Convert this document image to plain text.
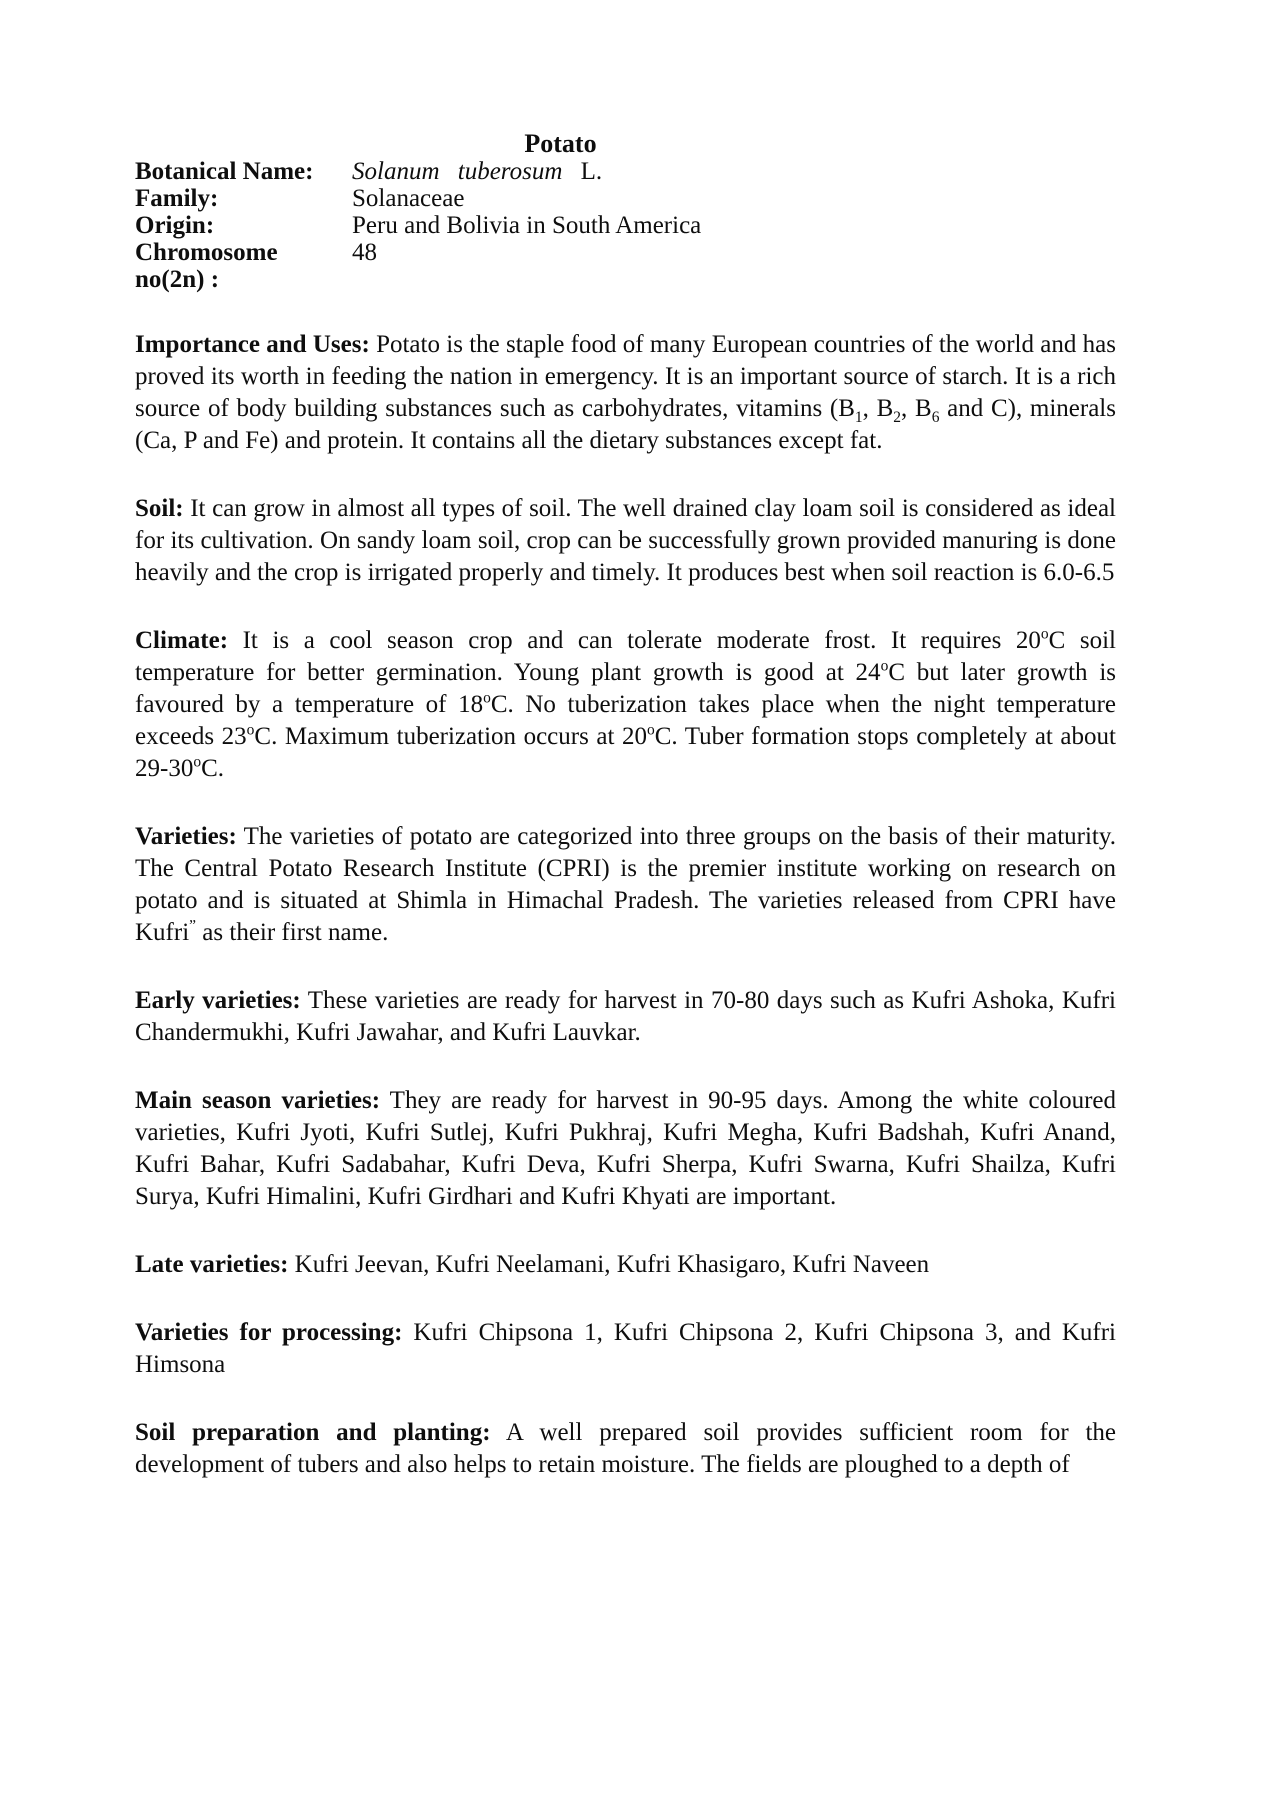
Potato
Botanical Name:	Solanum tuberosum L.
Family:	Solanaceae
Origin:	Peru and Bolivia in South America
Chromosome no(2n) :
48

Importance and Uses: Potato is the staple food of many European countries of the world and has proved its worth in feeding the nation in emergency. It is an important source of starch. It is a rich source of body building substances such as carbohydrates, vitamins ($B_1$, $B_2$, $B_6$ and C), minerals (Ca, P and Fe) and protein. It contains all the dietary substances except fat.

Soil: It can grow in almost all types of soil. The well drained clay loam soil is considered as ideal for its cultivation. On sandy loam soil, crop can be successfully grown provided manuring is done heavily and the crop is irrigated properly and timely. It produces best when soil reaction is 6.0-6.5

Climate: It is a cool season crop and can tolerate moderate frost. It requires 20$^o$C soil temperature for better germination. Young plant growth is good at 24$^o$C but later growth is favoured by a temperature of 18$^o$C. No tuberization takes place when the night temperature exceeds 23$^o$C. Maximum tuberization occurs at 20$^o$C. Tuber formation stops completely at about 29-30$^o$C.

Varieties: The varieties of potato are categorized into three groups on the basis of their maturity. The Central Potato Research Institute (CPRI) is the premier institute working on research on potato and is situated at Shimla in Himachal Pradesh. The varieties released from CPRI have Kufri” as their first name.

Early varieties: These varieties are ready for harvest in 70-80 days such as Kufri Ashoka, Kufri Chandermukhi, Kufri Jawahar, and Kufri Lauvkar.

Main season varieties: They are ready for harvest in 90-95 days. Among the white coloured varieties, Kufri Jyoti, Kufri Sutlej, Kufri Pukhraj, Kufri Megha, Kufri Badshah, Kufri Anand, Kufri Bahar, Kufri Sadabahar, Kufri Deva, Kufri Sherpa, Kufri Swarna, Kufri Shailza, Kufri Surya, Kufri Himalini, Kufri Girdhari and Kufri Khyati are important.

Late varieties: Kufri Jeevan, Kufri Neelamani, Kufri Khasigaro, Kufri Naveen

Varieties for processing: Kufri Chipsona 1, Kufri Chipsona 2, Kufri Chipsona 3, and Kufri Himsona

Soil preparation and planting: A well prepared soil provides sufficient room for the development of tubers and also helps to retain moisture. The fields are ploughed to a depth of
